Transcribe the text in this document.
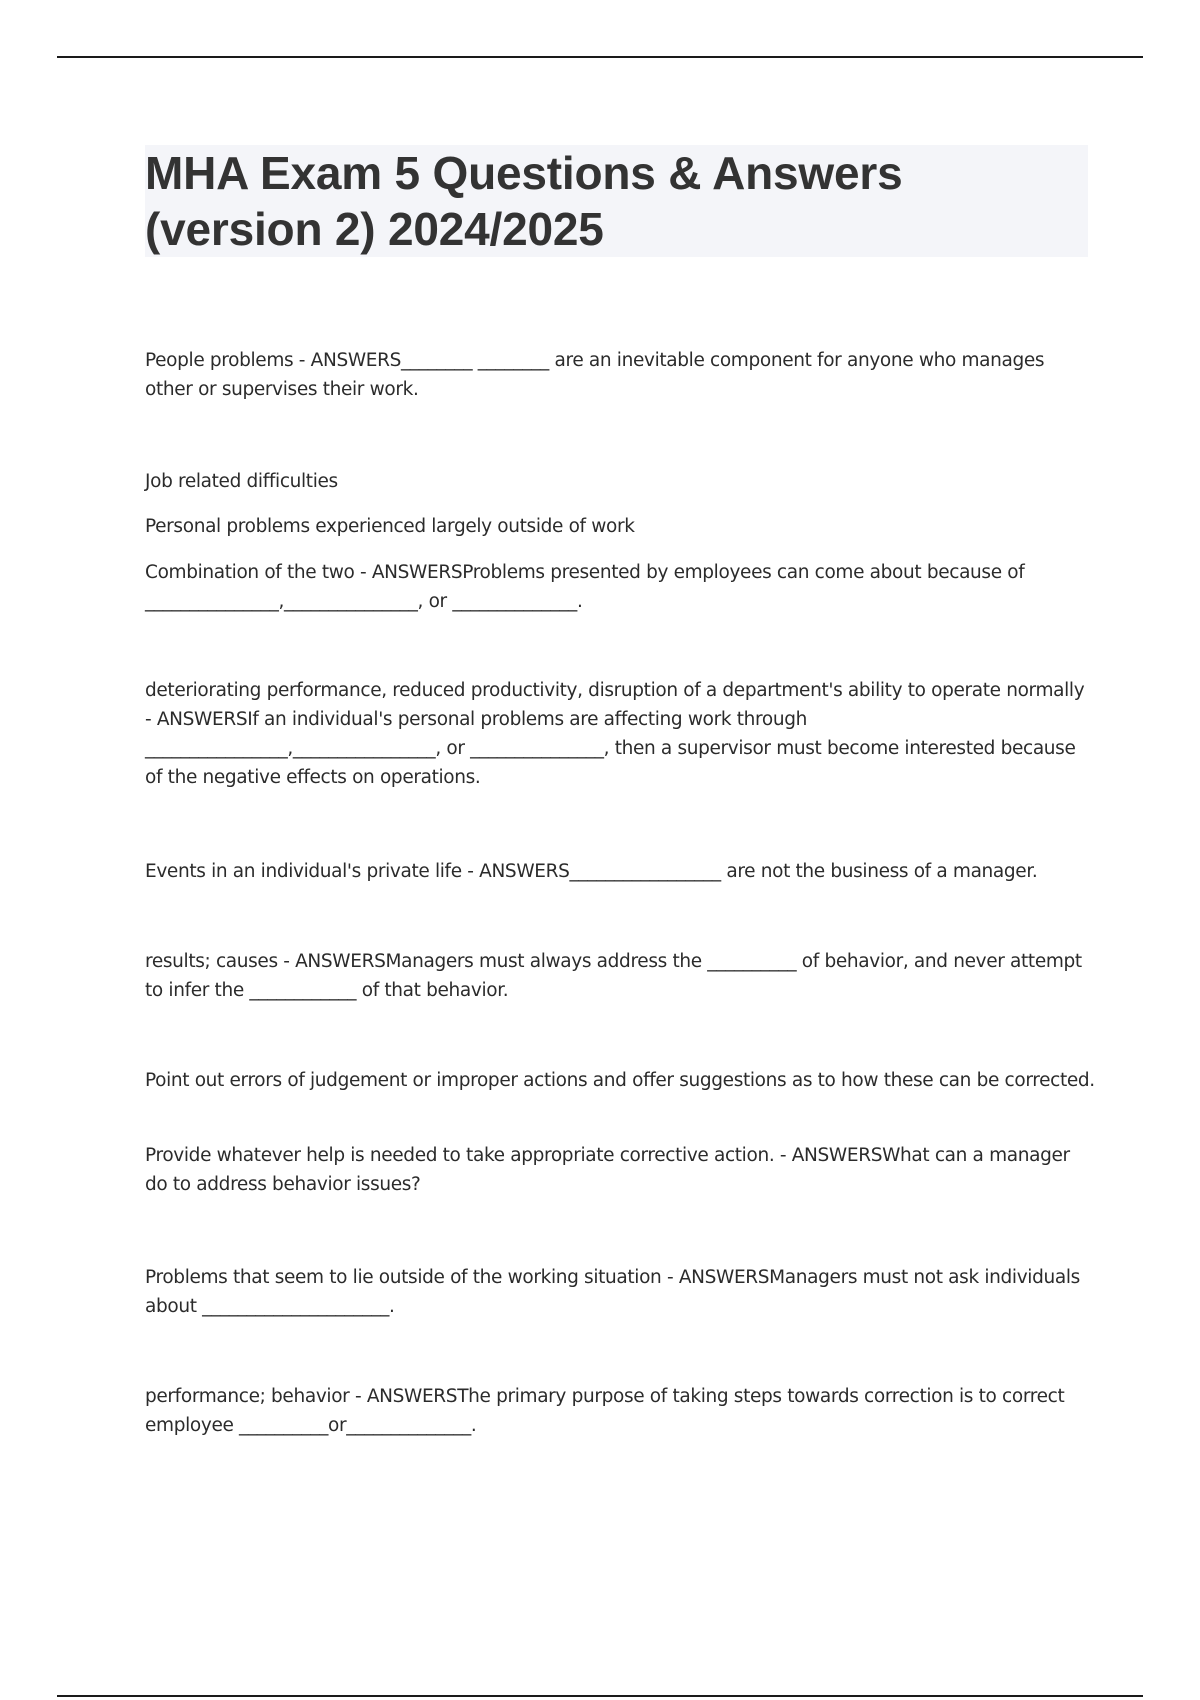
MHA Exam 5 Questions & Answers (version 2) 2024/2025

People problems - ANSWERS________ ________ are an inevitable component for anyone who manages other or supervises their work.

Job related difficulties

Personal problems experienced largely outside of work

Combination of the two - ANSWERSProblems presented by employees can come about because of _______________,_______________, or ______________.

deteriorating performance, reduced productivity, disruption of a department's ability to operate normally - ANSWERSIf an individual's personal problems are affecting work through ________________,________________, or _______________, then a supervisor must become interested because of the negative effects on operations.

Events in an individual's private life - ANSWERS_________________ are not the business of a manager.

results; causes - ANSWERSManagers must always address the __________ of behavior, and never attempt to infer the ____________ of that behavior.

Point out errors of judgement or improper actions and offer suggestions as to how these can be corrected.

Provide whatever help is needed to take appropriate corrective action. - ANSWERSWhat can a manager do to address behavior issues?

Problems that seem to lie outside of the working situation - ANSWERSManagers must not ask individuals about _____________________.

performance; behavior - ANSWERSThe primary purpose of taking steps towards correction is to correct employee __________or______________.
